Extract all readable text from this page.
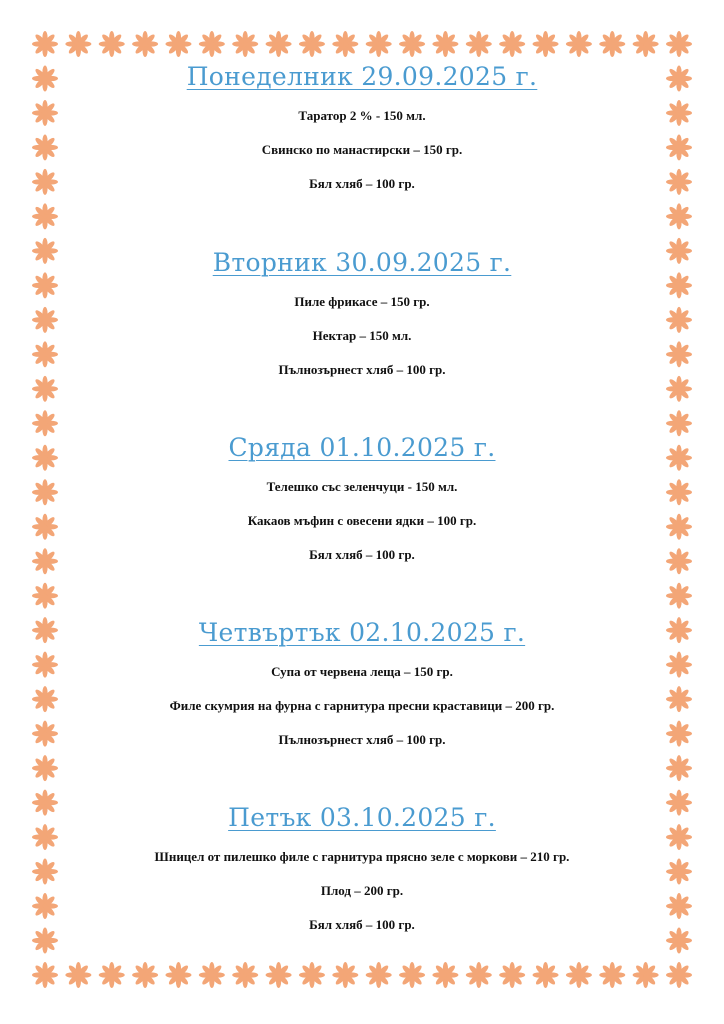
Понеделник 29.09.2025 г.

Таратор 2 % - 150 мл.

Свинско по манастирски – 150 гр.

Бял хляб – 100 гр.

Вторник 30.09.2025 г.

Пиле фрикасе – 150 гр.

Нектар – 150 мл.

Пълнозърнест хляб – 100 гр.

Сряда 01.10.2025 г.

Телешко със зеленчуци - 150 мл.

Какаов мъфин с овесени ядки – 100 гр.

Бял хляб – 100 гр.

Четвъртък 02.10.2025 г.

Супа от червена леща – 150 гр.

Филе скумрия на фурна с гарнитура пресни краставици – 200 гр.

Пълнозърнест хляб – 100 гр.

Петък 03.10.2025 г.

Шницел от пилешко филе с гарнитура прясно зеле с моркови – 210 гр.

Плод – 200 гр.

Бял хляб – 100 гр.
